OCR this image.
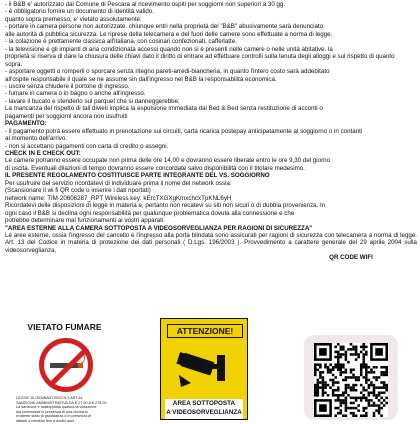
- il B&B e' autorizzato dal Comune di Pescara al ricevimento ospiti per soggiorni non superiori a 30 gg.
- è obbligatorio fornire un documento di identità valido.
quanto sopra premesso, e' vietato assolutamente:
- portare in camera persone non autorizzate. chiunque entri nella proprietà del "B&B" abusivamente sarà denunciato
alle autorità di pubblica sicurezza. Le riprese della telecamera e del fuori delle camere sono effettuate a norma di legge.
- la colazione è prettamente classica all'italiana, con cosinari confezionati, caffe/latte.
- la televisione e gli impianti di aria condizionata accessi quando non si è presenti nelle camere o nelle unità abitative. la
proprietà si riserva di dare la chiusura delle chiavi dato il diritto di entrare ad effettuare controlli sulla tenuta degli alloggi e sul rispetto di quanto
sopra.
- asportare oggetti o romperli o sporcare senza ritegno pareti-arredi-biancheria, in quanto l'intero costo sarà addebitato
all'ospite responsabile il quale se ne assume sin dall'ingresso nel B&B la responsabilità economica.
- uscire senza chiudere il portone di ingresso.
- fumare in camera o in bagno o anche all'ingresso.
- lavare il bucato e stenderlo sul parquet che si danneggerebbe;
La mancanza del rispetto di tali divieti implica la espulsione immediata dal Bed & Bed senza restituzione di acconti o
pagamenti per soggiorni ancora non usufruiti
PAGAMENTO:
- il pagamento potrà essere effettuato in prenotazione sui circuiti, carta ricarica postepay anticipatamente al soggiorno o in contanti
al momento dell'arrivo.
- non si accettano pagamenti con carta di credito o assegni.
CHECK IN E CHECK OUT:
Le camere potranno essere occupate non prima delle ore 14,00 e dovranno essere liberate entro le ore 9,30 del giorno
di uscita. Eventuali dilazioni di tempo dovranno essere concordate salvo disponibilità con il titolare medesimo.
IL PRESENTE REGOLAMENTO COSTITUISCE PARTE INTEGRANTE DEL VS. SOGGIORNO
Per usufruire del servizio ricordatevi di individuare prima il nome del network ossia:
(Scansionare il wi fi QR code o inserire i dati riportati)
network name: TIM-20606287_RPT Wireless key: kErcTXGXgKmxchcxTpKNL6yH
Ricordatevi delle disposizioni di legge in materia e, pertanto non recatevi su siti non sicuri o di dubbia provenienza. In
ogni caso il B&B si declina ogni responsabilità per qualunque problematica dovuta alla connessione e che
potrebbe determinare mal funzionamenti ai vostri apparati.
"AREA ESTERNE ALLA CAMERA SOTTOPOSTA A VIDEOSORVEGLIANZA PER RAGIONI DI SICUREZZA"
Le aree esterne, ossia l'ingresso del cancello e l'ingresso alla porta blindata sono assicurati per ragioni di sicurezza con telecamera a norma di legge. Art. 13 del Codice in materia di protezione dei dati personali ( D.Lgs. 196/2003 ). Provvedimento a carattere generale del 29 aprile 2004 sulla videosorveglianza.
QR CODE WIFI
VIETATO FUMARE
LEGGE 16 GENNAIO 2003 N.3 ART.51
SANZIONE AMMINISTRATIVA DA € 27,50 A € 275,00
La sanzione è raddoppiata qualora la violazione
sia commessa in presenza di una donna in
evidente stato di gravidanza o in presenza di
lattanti o bambini fino a dodici anni.
ATTENZIONE!
AREA SOTTOPOSTA
A VIDEOSORVEGLIANZA
